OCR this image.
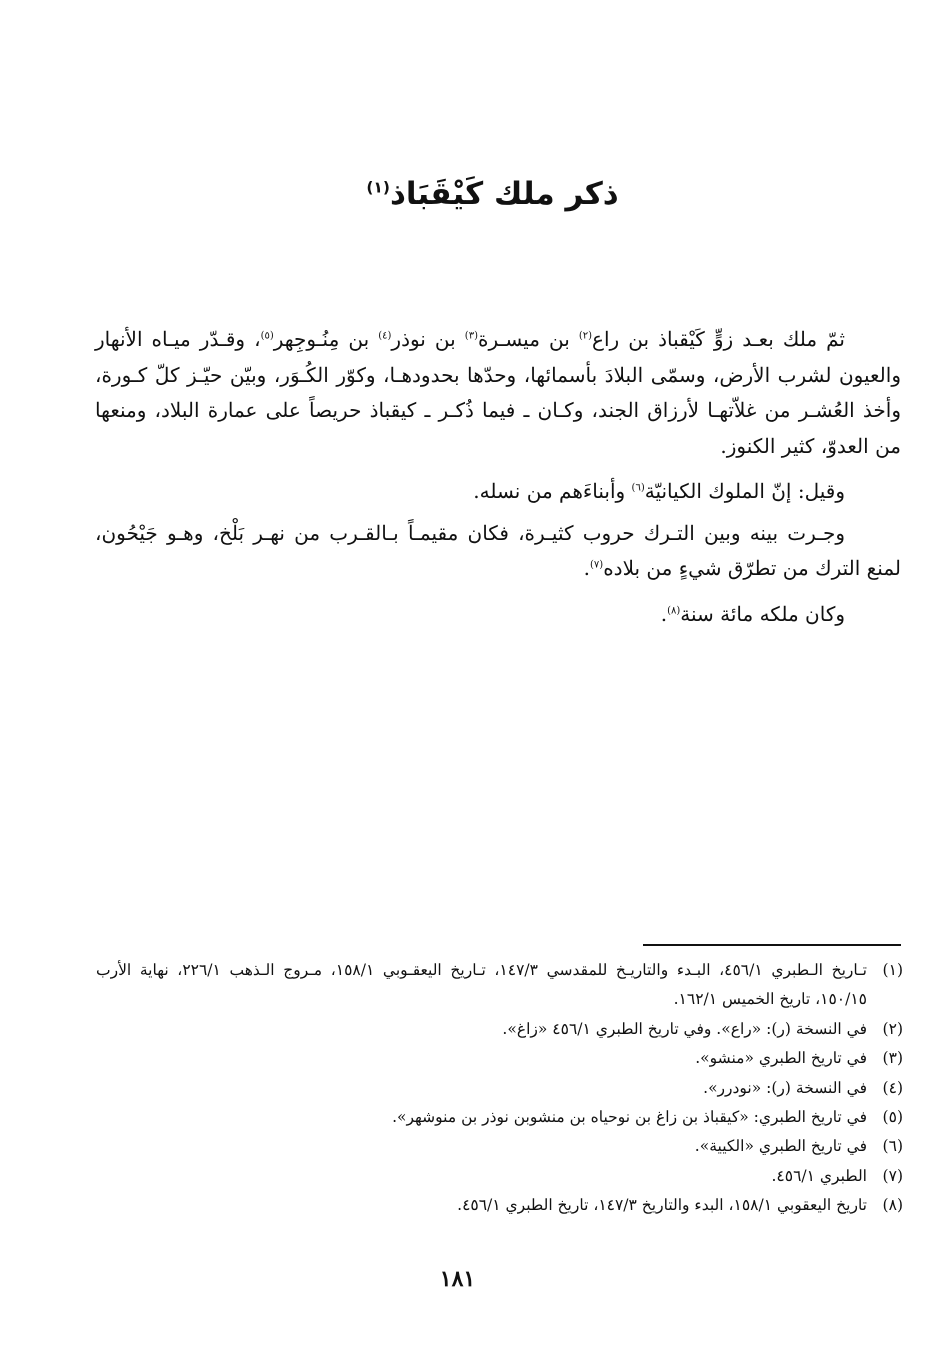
ذكر ملك كَيْقَبَاذ$^{(١)}$

ثمّ ملك بعـد زوٍّ كَيْقباذ بن راع$^{(٢)}$ بن ميسـرة$^{(٣)}$ بن نوذر$^{(٤)}$ بن مِنُـوجِهر$^{(٥)}$، وقـدّر ميـاه الأنهار والعيون لشرب الأرض، وسمّى البلادَ بأسمائها، وحدّها بحدودهـا، وكوّر الكُـوَر، وبيّن حيّـز كلّ كـورة، وأخذ العُشـر من غلاّتهـا لأرزاق الجند، وكـان ـ فيما ذُكـر ـ كيقباذ حريصاً على عمارة البلاد، ومنعها من العدوّ، كثير الكنوز.

وقيل: إنّ الملوك الكيانيّة$^{(٦)}$ وأبناءَهم من نسله.

وجـرت بينه وبين التـرك حروب كثيـرة، فكان مقيمـاً بـالقـرب من نهـر بَلْخ، وهـو جَيْحُون، لمنع الترك من تطرّق شيءٍ من بلاده$^{(٧)}$.

وكان ملكه مائة سنة$^{(٨)}$.

(١)
تـاريخ الـطبري ٤٥٦/١، البـدء والتاريـخ للمقدسي ١٤٧/٣، تـاريخ اليعقـوبي ١٥٨/١، مـروج الـذهب ٢٢٦/١، نهاية الأرب ١٥٠/١٥، تاريخ الخميس ١٦٢/١.
(٢)
في النسخة (ر): «راع». وفي تاريخ الطبري ٤٥٦/١ «زاغ».
(٣)
في تاريخ الطبري «منشو».
(٤)
في النسخة (ر): «نودرر».
(٥)
في تاريخ الطبري: «كيقباذ بن زاغ بن نوحياه بن منشوبن نوذر بن منوشهر».
(٦)
في تاريخ الطبري «الكيية».
(٧)
الطبري ٤٥٦/١.
(٨)
تاريخ اليعقوبي ١٥٨/١، البدء والتاريخ ١٤٧/٣، تاريخ الطبري ٤٥٦/١.
١٨١
